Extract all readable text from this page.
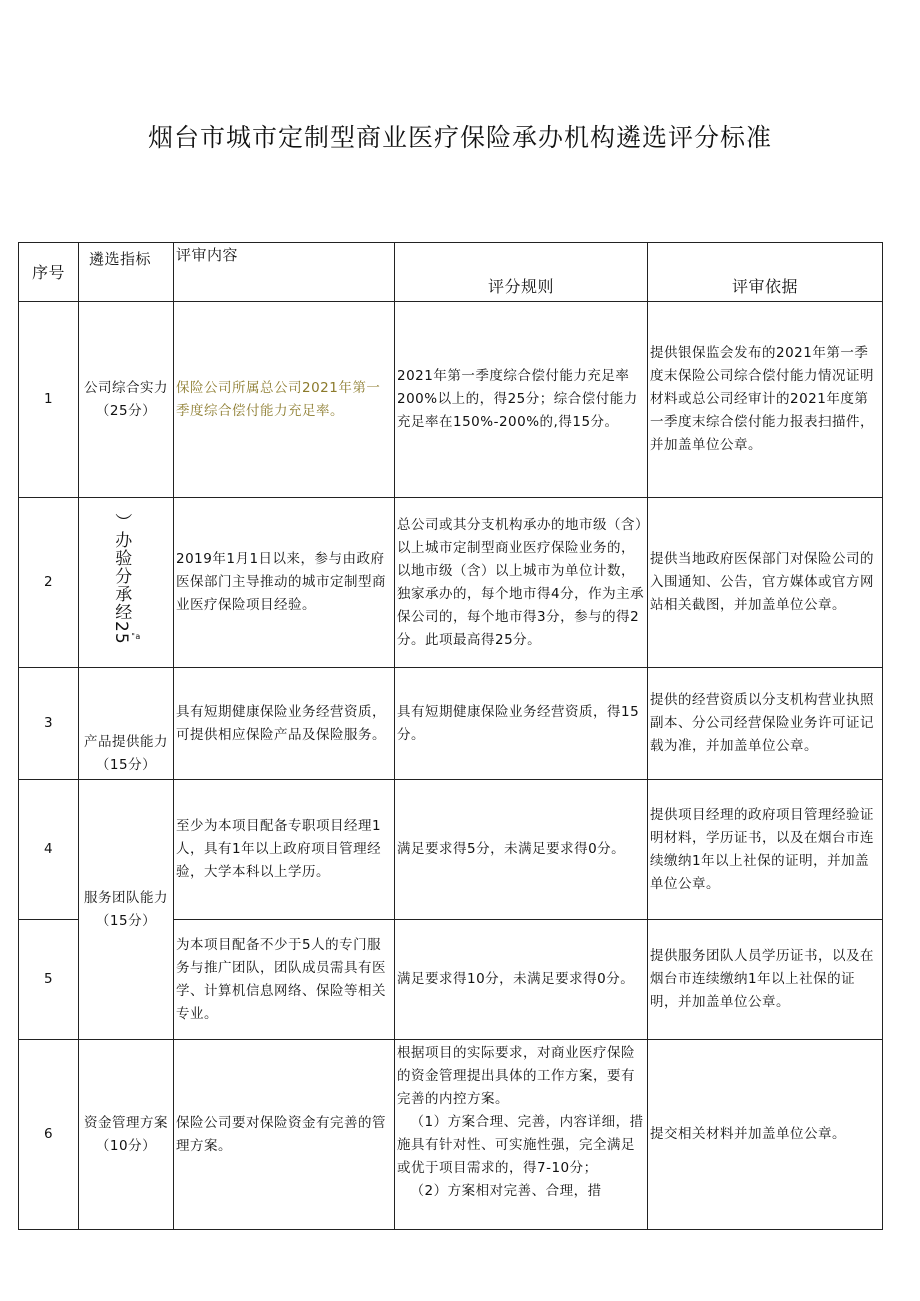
烟台市城市定制型商业医疗保险承办机构遴选评分标准
序号	遴选指标	评审内容	评分规则	评审依据
1	公司综合实力（25分）	保险公司所属总公司2021年第一季度综合偿付能力充足率。	2021年第一季度综合偿付能力充足率200%以上的，得25分；综合偿付能力充足率在150%-200%的,得15分。	提供银保监会发布的2021年第一季度末保险公司综合偿付能力情况证明材料或总公司经审计的2021年度第一季度末综合偿付能力报表扫描件，并加盖单位公章。
2	）办验分承经$25^{"a}$	2019年1月1日以来，参与由政府医保部门主导推动的城市定制型商业医疗保险项目经验。	总公司或其分支机构承办的地市级（含）以上城市定制型商业医疗保险业务的，以地市级（含）以上城市为单位计数，独家承办的，每个地市得4分，作为主承保公司的，每个地市得3分，参与的得2分。此项最高得25分。	提供当地政府医保部门对保险公司的入围通知、公告，官方媒体或官方网站相关截图，并加盖单位公章。
3	产品提供能力（15分）	具有短期健康保险业务经营资质，可提供相应保险产品及保险服务。	具有短期健康保险业务经营资质，得15分。	提供的经营资质以分支机构营业执照副本、分公司经营保险业务许可证记载为准，并加盖单位公章。
4	服务团队能力（15分）	至少为本项目配备专职项目经理1人，具有1年以上政府项目管理经验，大学本科以上学历。	满足要求得5分，未满足要求得0分。	提供项目经理的政府项目管理经验证明材料，学历证书，以及在烟台市连续缴纳1年以上社保的证明，并加盖单位公章。
5		为本项目配备不少于5人的专门服务与推广团队，团队成员需具有医学、计算机信息网络、保险等相关专业。	满足要求得10分，未满足要求得0分。	提供服务团队人员学历证书，以及在烟台市连续缴纳1年以上社保的证明，并加盖单位公章。
6	资金管理方案（10分）	保险公司要对保险资金有完善的管理方案。	根据项目的实际要求，对商业医疗保险的资金管理提出具体的工作方案，要有完善的内控方案。
（1）方案合理、完善，内容详细，措施具有针对性、可实施性强，完全满足或优于项目需求的，得7-10分；
（2）方案相对完善、合理，措	提交相关材料并加盖单位公章。
